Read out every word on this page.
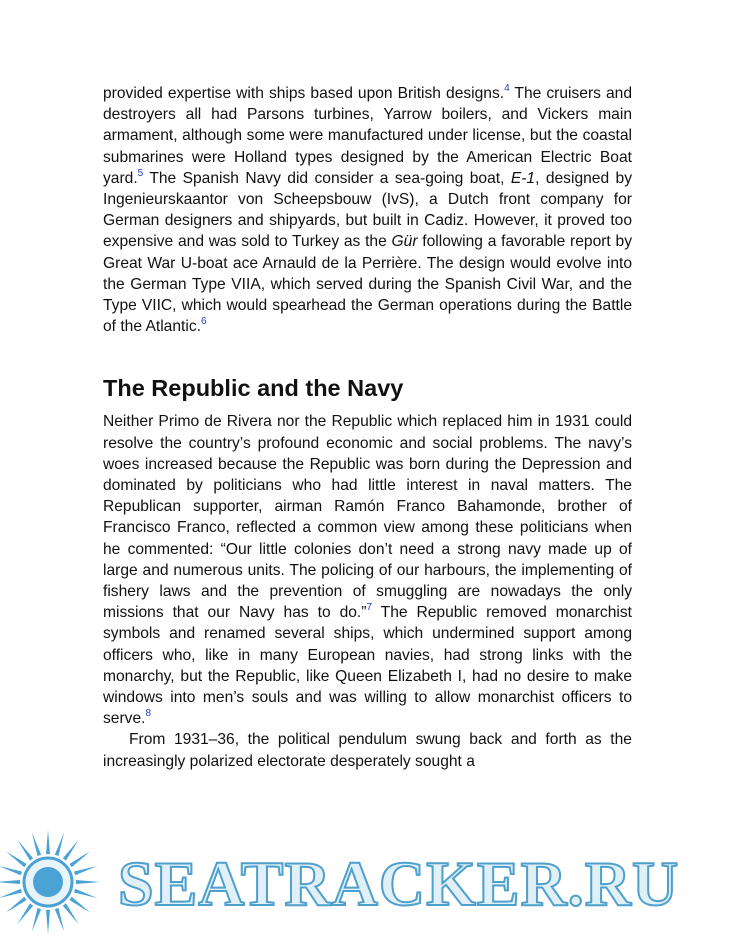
provided expertise with ships based upon British designs.$^4$ The cruisers and destroyers all had Parsons turbines, Yarrow boilers, and Vickers main armament, although some were manufactured under license, but the coastal submarines were Holland types designed by the American Electric Boat yard.$^5$ The Spanish Navy did consider a sea-going boat, E-1, designed by Ingenieurskaantor von Scheepsbouw (IvS), a Dutch front company for German designers and shipyards, but built in Cadiz. However, it proved too expensive and was sold to Turkey as the Gür following a favorable report by Great War U-boat ace Arnauld de la Perrière. The design would evolve into the German Type VIIA, which served during the Spanish Civil War, and the Type VIIC, which would spearhead the German operations during the Battle of the Atlantic.$^6$

The Republic and the Navy

Neither Primo de Rivera nor the Republic which replaced him in 1931 could resolve the country’s profound economic and social problems. The navy’s woes increased because the Republic was born during the Depression and dominated by politicians who had little interest in naval matters. The Republican supporter, airman Ramón Franco Bahamonde, brother of Francisco Franco, reflected a common view among these politicians when he commented: “Our little colonies don’t need a strong navy made up of large and numerous units. The policing of our harbours, the implementing of fishery laws and the prevention of smuggling are nowadays the only missions that our Navy has to do.”$^7$ The Republic removed monarchist symbols and renamed several ships, which undermined support among officers who, like in many European navies, had strong links with the monarchy, but the Republic, like Queen Elizabeth I, had no desire to make windows into men’s souls and was willing to allow monarchist officers to serve.$^8$

From 1931–36, the political pendulum swung back and forth as the increasingly polarized electorate desperately sought a

SEATRACKER.RU
